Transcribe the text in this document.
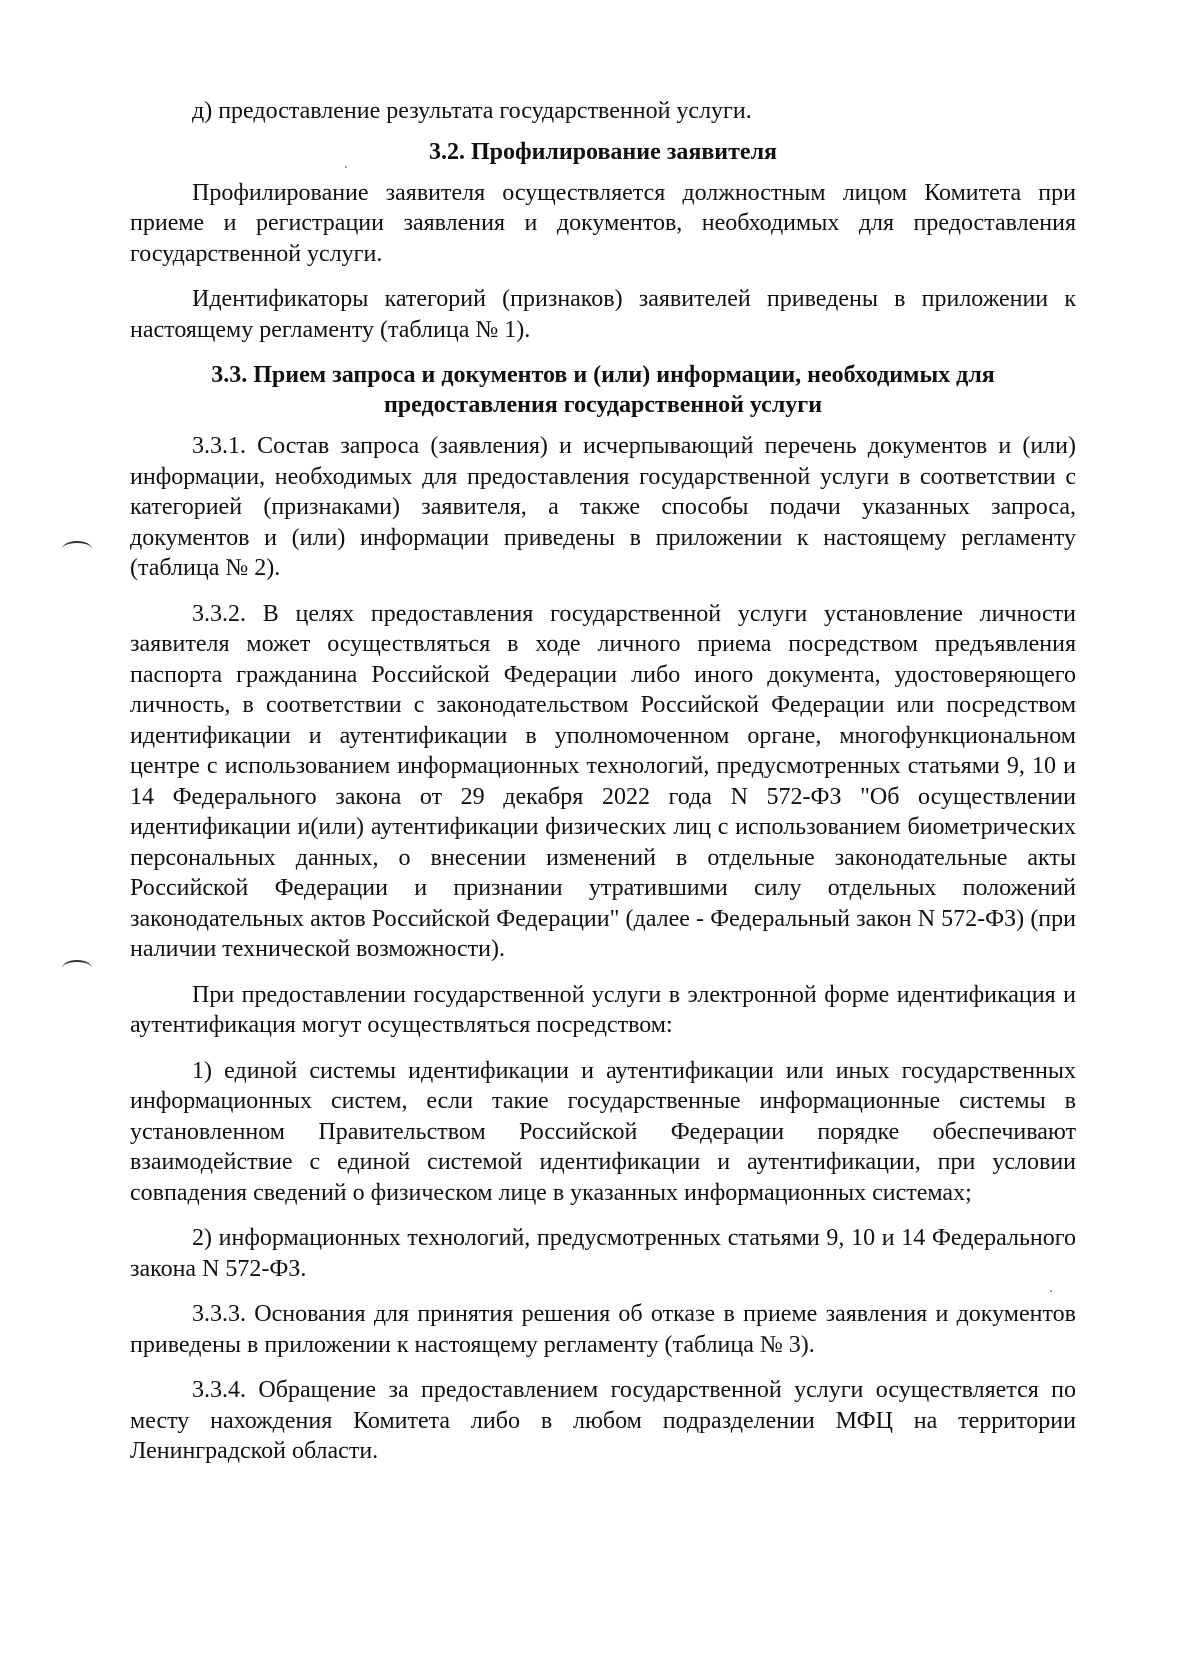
д) предоставление результата государственной услуги.

3.2. Профилирование заявителя

Профилирование заявителя осуществляется должностным лицом Комитета при приеме и регистрации заявления и документов, необходимых для предоставления государственной услуги.

Идентификаторы категорий (признаков) заявителей приведены в приложении к настоящему регламенту (таблица № 1).

3.3. Прием запроса и документов и (или) информации, необходимых для предоставления государственной услуги

3.3.1. Состав запроса (заявления) и исчерпывающий перечень документов и (или) информации, необходимых для предоставления государственной услуги в соответствии с категорией (признаками) заявителя, а также способы подачи указанных запроса, документов и (или) информации приведены в приложении к настоящему регламенту (таблица № 2).

3.3.2. В целях предоставления государственной услуги установление личности заявителя может осуществляться в ходе личного приема посредством предъявления паспорта гражданина Российской Федерации либо иного документа, удостоверяющего личность, в соответствии с законодательством Российской Федерации или посредством идентификации и аутентификации в уполномоченном органе, многофункциональном центре с использованием информационных технологий, предусмотренных статьями 9, 10 и 14 Федерального закона от 29 декабря 2022 года N 572-ФЗ "Об осуществлении идентификации и(или) аутентификации физических лиц с использованием биометрических персональных данных, о внесении изменений в отдельные законодательные акты Российской Федерации и признании утратившими силу отдельных положений законодательных актов Российской Федерации" (далее - Федеральный закон N 572-ФЗ) (при наличии технической возможности).

При предоставлении государственной услуги в электронной форме идентификация и аутентификация могут осуществляться посредством:

1) единой системы идентификации и аутентификации или иных государственных информационных систем, если такие государственные информационные системы в установленном Правительством Российской Федерации порядке обеспечивают взаимодействие с единой системой идентификации и аутентификации, при условии совпадения сведений о физическом лице в указанных информационных системах;

2) информационных технологий, предусмотренных статьями 9, 10 и 14 Федерального закона N 572-ФЗ.

3.3.3. Основания для принятия решения об отказе в приеме заявления и документов приведены в приложении к настоящему регламенту (таблица № 3).

3.3.4. Обращение за предоставлением государственной услуги осуществляется по месту нахождения Комитета либо в любом подразделении МФЦ на территории Ленинградской области.
